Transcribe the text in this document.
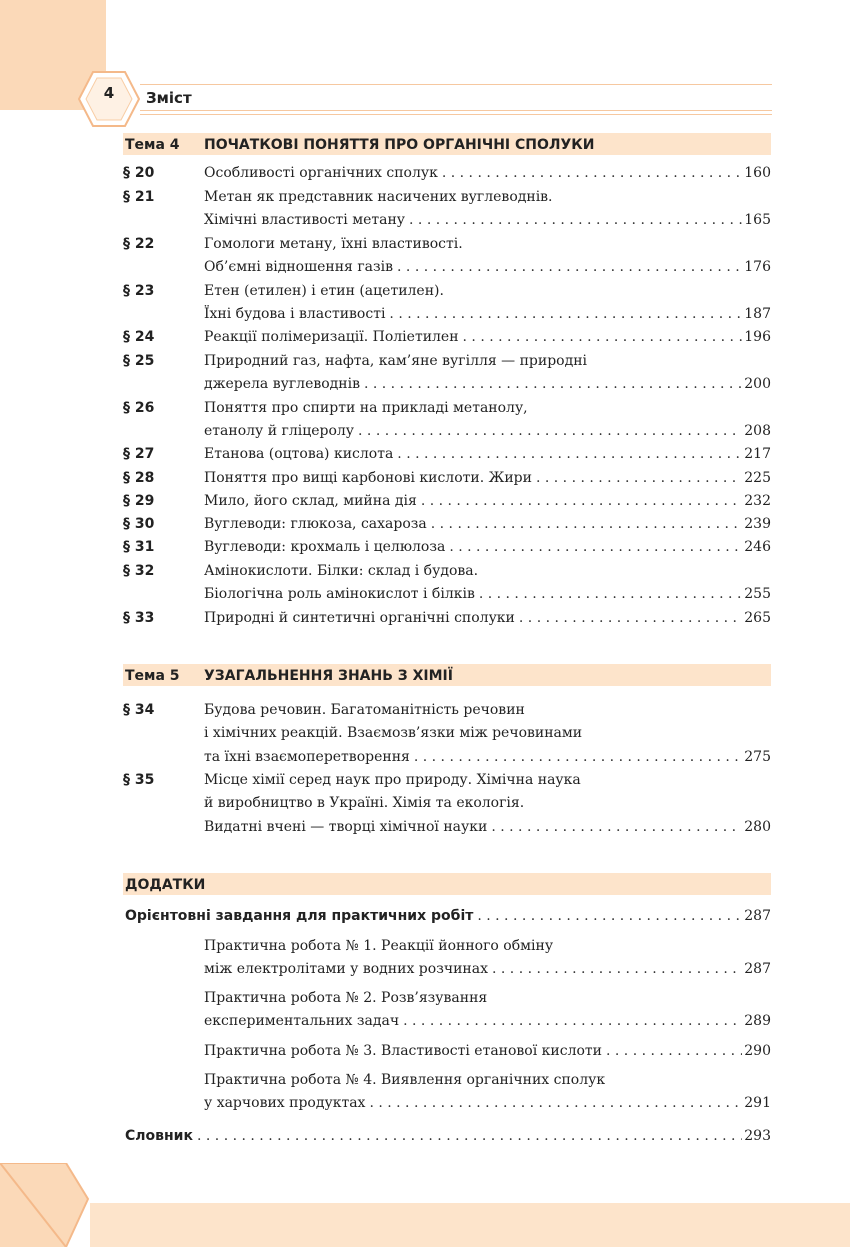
4	Зміст
Тема 4 ПОЧАТКОВІ ПОНЯТТЯ ПРО ОРГАНІЧНІ СПОЛУКИ
§ 20	Особливості органічних сполук . . .	160
§ 21	Метан як представник насичених вуглеводнів.
Хімічні властивості метану . . .	165
§ 22	Гомологи метану, їхні властивості.
Об’ємні відношення газів . . .	176
§ 23	Етен (етилен) і етин (ацетилен).
Їхні будова і властивості . . .	187
§ 24	Реакції полімеризації. Поліетилен . . .	196
§ 25	Природний газ, нафта, кам’яне вугілля — природні
джерела вуглеводнів . . .	200
§ 26	Поняття про спирти на прикладі метанолу,
етанолу й гліцеролу . . .	208
§ 27	Етанова (оцтова) кислота . . .	217
§ 28	Поняття про вищі карбонові кислоти. Жири . . .	225
§ 29	Мило, його склад, мийна дія . . .	232
§ 30	Вуглеводи: глюкоза, сахароза . . .	239
§ 31	Вуглеводи: крохмаль і целюлоза . . .	246
§ 32	Амінокислоти. Білки: склад і будова.
Біологічна роль амінокислот і білків . . .	255
§ 33	Природні й синтетичні органічні сполуки . . .	265
Тема 5 УЗАГАЛЬНЕННЯ ЗНАНЬ З ХІМІЇ
§ 34	Будова речовин. Багатоманітність речовин
і хімічних реакцій. Взаємозв’язки між речовинами
та їхні взаємоперетворення . . .	275
§ 35	Місце хімії серед наук про природу. Хімічна наука
й виробництво в Україні. Хімія та екологія.
Видатні вчені — творці хімічної науки . . .	280
ДОДАТКИ
Орієнтовні завдання для практичних робіт . . .	287
Практична робота № 1. Реакції йонного обміну
між електролітами у водних розчинах . . .	287
Практична робота № 2. Розв’язування
експериментальних задач . . .	289
Практична робота № 3. Властивості етанової кислоти . . .	290
Практична робота № 4. Виявлення органічних сполук
у харчових продуктах . . .	291
Словник . . .	293
